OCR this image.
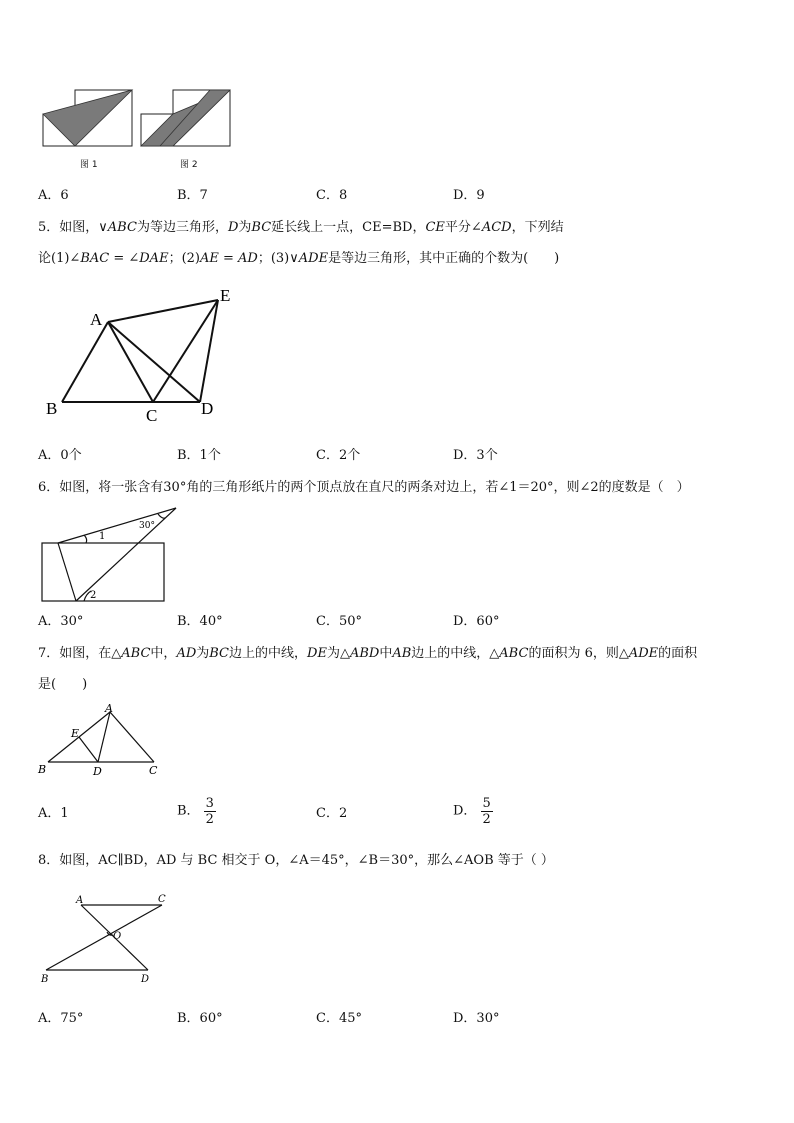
图 1	图 2
A．6	B．7	C．8	D．9
5．如图，∨ABC为等边三角形，D为BC延长线上一点，CE=BD，CE平分∠ACD，下列结
论(1)∠BAC = ∠DAE；(2)AE = AD；(3)∨ADE是等边三角形，其中正确的个数为(　　)
A
E
B	C	D
A．0个	B．1个	C．2个	D．3个
6．如图，将一张含有30°角的三角形纸片的两个顶点放在直尺的两条对边上，若∠1＝20°，则∠2的度数是（　）
30°
1
2
A．30°	B．40°	C．50°	D．60°
7．如图，在△ABC中，AD为BC边上的中线，DE为△ABD中AB边上的中线，△ABC的面积为 6，则△ADE的面积
是(　　)
A
E
B	D	C
A．1	B． $\frac{3}{2}$	C．2	D． $\frac{5}{2}$
8．如图，AC∥BD，AD 与 BC 相交于 O，∠A＝45°，∠B＝30°，那么∠AOB 等于（ ）
A	C
O
B	D
A．75°	B．60°	C．45°	D．30°
